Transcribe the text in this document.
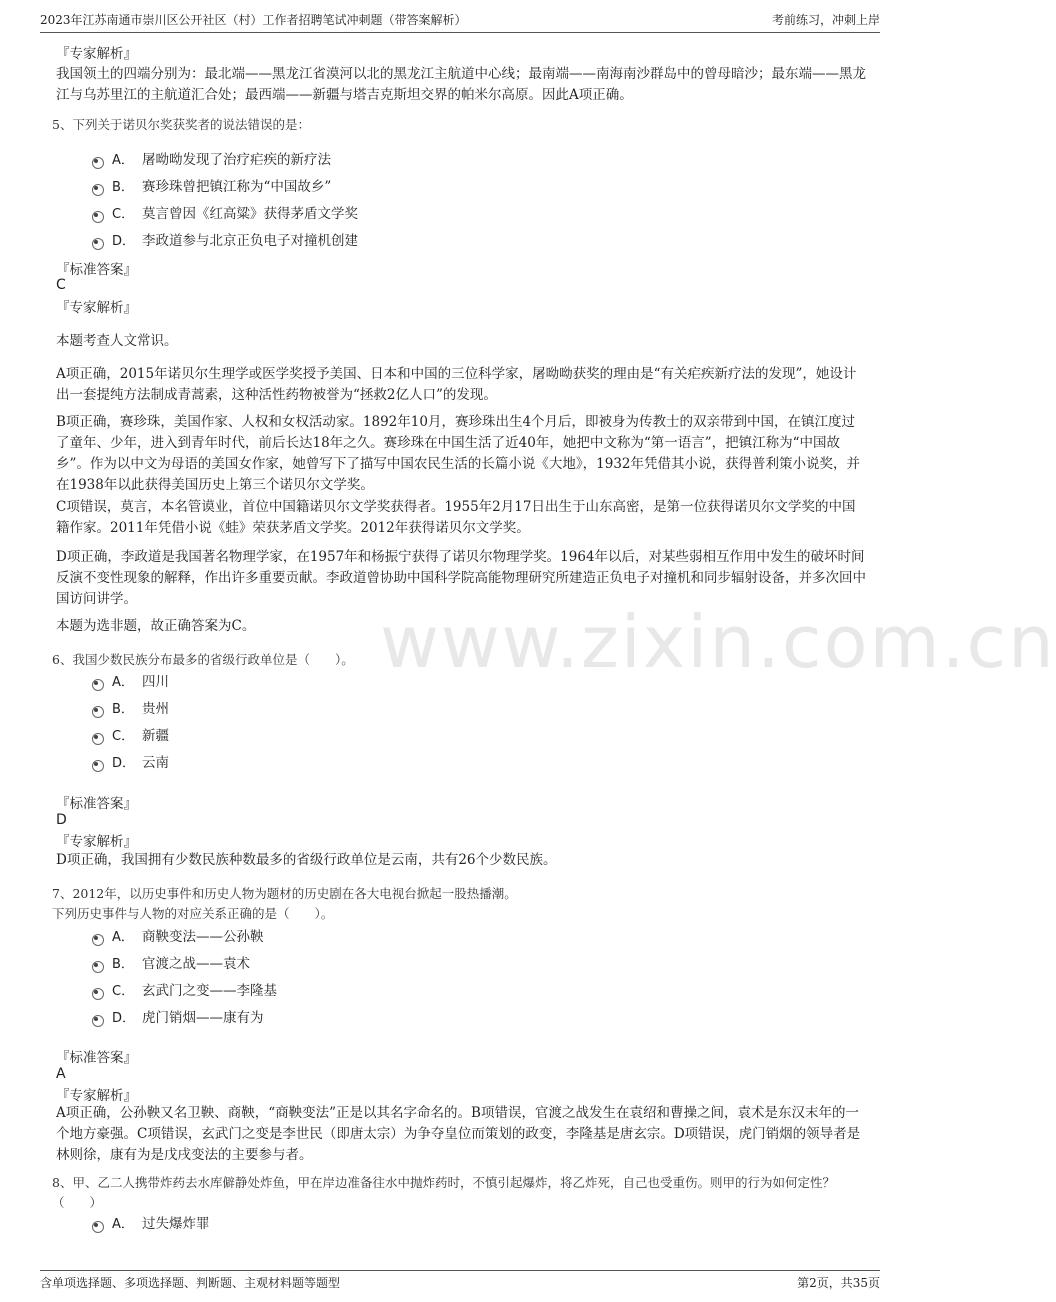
2023年江苏南通市崇川区公开社区（村）工作者招聘笔试冲刺题（带答案解析）	考前练习，冲刺上岸
www.zixin.com.cn
『专家解析』
我国领土的四端分别为：最北端——黑龙江省漠河以北的黑龙江主航道中心线；最南端——南海南沙群岛中的曾母暗沙；最东端——黑龙江与乌苏里江的主航道汇合处；最西端——新疆与塔吉克斯坦交界的帕米尔高原。因此A项正确。
5、下列关于诺贝尔奖获奖者的说法错误的是：
A． 屠呦呦发现了治疗疟疾的新疗法
B． 赛珍珠曾把镇江称为“中国故乡”
C． 莫言曾因《红高粱》获得茅盾文学奖
D． 李政道参与北京正负电子对撞机创建
『标准答案』
C
『专家解析』
本题考查人文常识。
A项正确，2015年诺贝尔生理学或医学奖授予美国、日本和中国的三位科学家，屠呦呦获奖的理由是“有关疟疾新疗法的发现”，她设计出一套提纯方法制成青蒿素，这种活性药物被誉为“拯救2亿人口”的发现。
B项正确，赛珍珠，美国作家、人权和女权活动家。1892年10月，赛珍珠出生4个月后，即被身为传教士的双亲带到中国，在镇江度过了童年、少年，进入到青年时代，前后长达18年之久。赛珍珠在中国生活了近40年，她把中文称为“第一语言”，把镇江称为“中国故乡”。作为以中文为母语的美国女作家，她曾写下了描写中国农民生活的长篇小说《大地》，1932年凭借其小说，获得普利策小说奖，并在1938年以此获得美国历史上第三个诺贝尔文学奖。
C项错误，莫言，本名管谟业，首位中国籍诺贝尔文学奖获得者。1955年2月17日出生于山东高密，是第一位获得诺贝尔文学奖的中国籍作家。2011年凭借小说《蛙》荣获茅盾文学奖。2012年获得诺贝尔文学奖。
D项正确，李政道是我国著名物理学家，在1957年和杨振宁获得了诺贝尔物理学奖。1964年以后，对某些弱相互作用中发生的破坏时间反演不变性现象的解释，作出许多重要贡献。李政道曾协助中国科学院高能物理研究所建造正负电子对撞机和同步辐射设备，并多次回中国访问讲学。
本题为选非题，故正确答案为C。
6、我国少数民族分布最多的省级行政单位是（　　）。
A． 四川
B． 贵州
C． 新疆
D． 云南
『标准答案』
D
『专家解析』
D项正确，我国拥有少数民族种数最多的省级行政单位是云南，共有26个少数民族。
7、2012年，以历史事件和历史人物为题材的历史剧在各大电视台掀起一股热播潮。
下列历史事件与人物的对应关系正确的是（　　）。
A． 商鞅变法——公孙鞅
B． 官渡之战——袁术
C． 玄武门之变——李隆基
D． 虎门销烟——康有为
『标准答案』
A
『专家解析』
A项正确，公孙鞅又名卫鞅、商鞅，“商鞅变法”正是以其名字命名的。B项错误，官渡之战发生在袁绍和曹操之间，袁术是东汉末年的一个地方豪强。C项错误，玄武门之变是李世民（即唐太宗）为争夺皇位而策划的政变，李隆基是唐玄宗。D项错误，虎门销烟的领导者是林则徐，康有为是戊戌变法的主要参与者。
8、甲、乙二人携带炸药去水库僻静处炸鱼，甲在岸边准备往水中抛炸药时，不慎引起爆炸，将乙炸死，自己也受重伤。则甲的行为如何定性？（　　）
A． 过失爆炸罪
含单项选择题、多项选择题、判断题、主观材料题等题型	第2页，共35页
